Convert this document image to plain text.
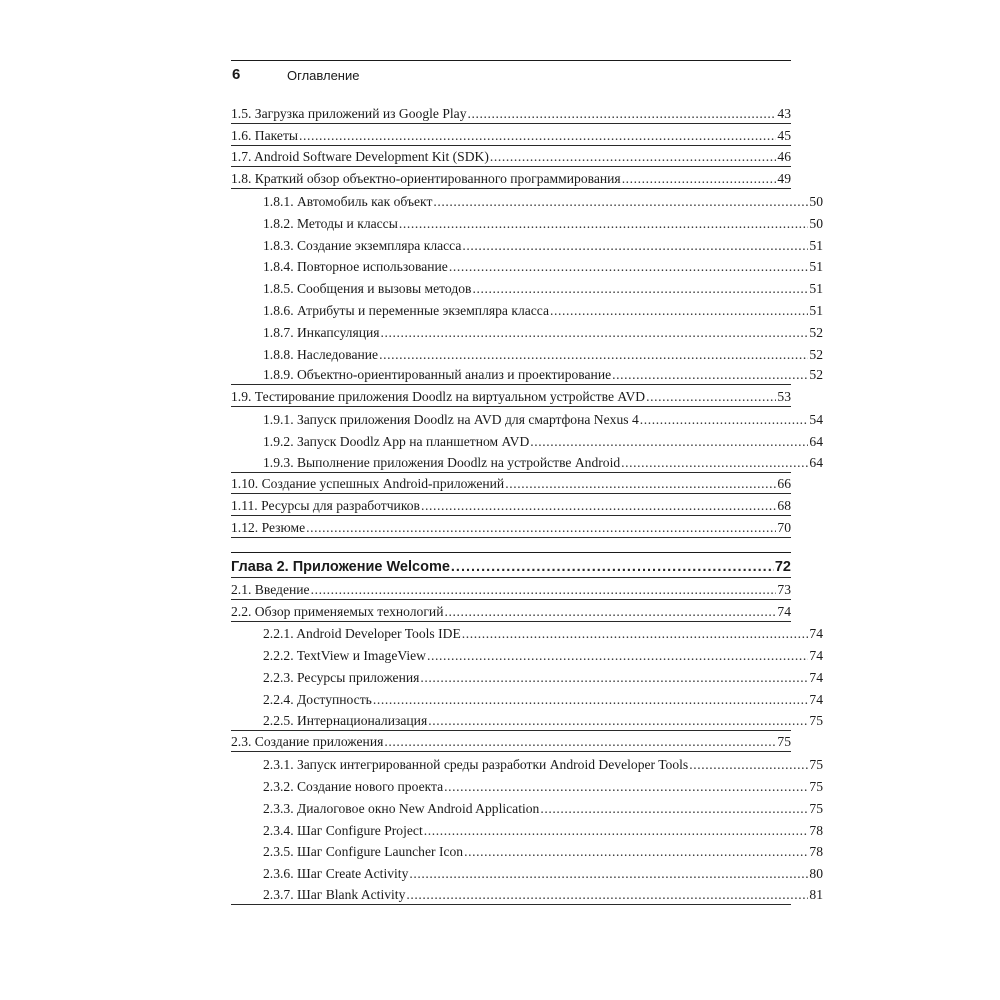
6	Оглавление
1.5. Загрузка приложений из Google Play .....	43
1.6. Пакеты .....	45
1.7. Android Software Development Kit (SDK) .....	46
1.8. Краткий обзор объектно-ориентированного программирования .....	49
1.8.1. Автомобиль как объект .....	50
1.8.2. Методы и классы .....	50
1.8.3. Создание экземпляра класса .....	51
1.8.4. Повторное использование .....	51
1.8.5. Сообщения и вызовы методов .....	51
1.8.6. Атрибуты и переменные экземпляра класса .....	51
1.8.7. Инкапсуляция .....	52
1.8.8. Наследование .....	52
1.8.9. Объектно-ориентированный анализ и проектирование .....	52
1.9. Тестирование приложения Doodlz на виртуальном устройстве AVD .....	53
1.9.1. Запуск приложения Doodlz на AVD для смартфона Nexus 4 .....	54
1.9.2. Запуск Doodlz App на планшетном AVD .....	64
1.9.3. Выполнение приложения Doodlz на устройстве Android .....	64
1.10. Создание успешных Android-приложений .....	66
1.11. Ресурсы для разработчиков .....	68
1.12. Резюме .....	70
Глава 2. Приложение Welcome .....	72
2.1. Введение .....	73
2.2. Обзор применяемых технологий .....	74
2.2.1. Android Developer Tools IDE .....	74
2.2.2. TextView и ImageView .....	74
2.2.3. Ресурсы приложения .....	74
2.2.4. Доступность .....	74
2.2.5. Интернационализация .....	75
2.3. Создание приложения .....	75
2.3.1. Запуск интегрированной среды разработки Android Developer Tools .....	75
2.3.2. Создание нового проекта .....	75
2.3.3. Диалоговое окно New Android Application .....	75
2.3.4. Шаг Configure Project .....	78
2.3.5. Шаг Configure Launcher Icon .....	78
2.3.6. Шаг Create Activity .....	80
2.3.7. Шаг Blank Activity .....	81
